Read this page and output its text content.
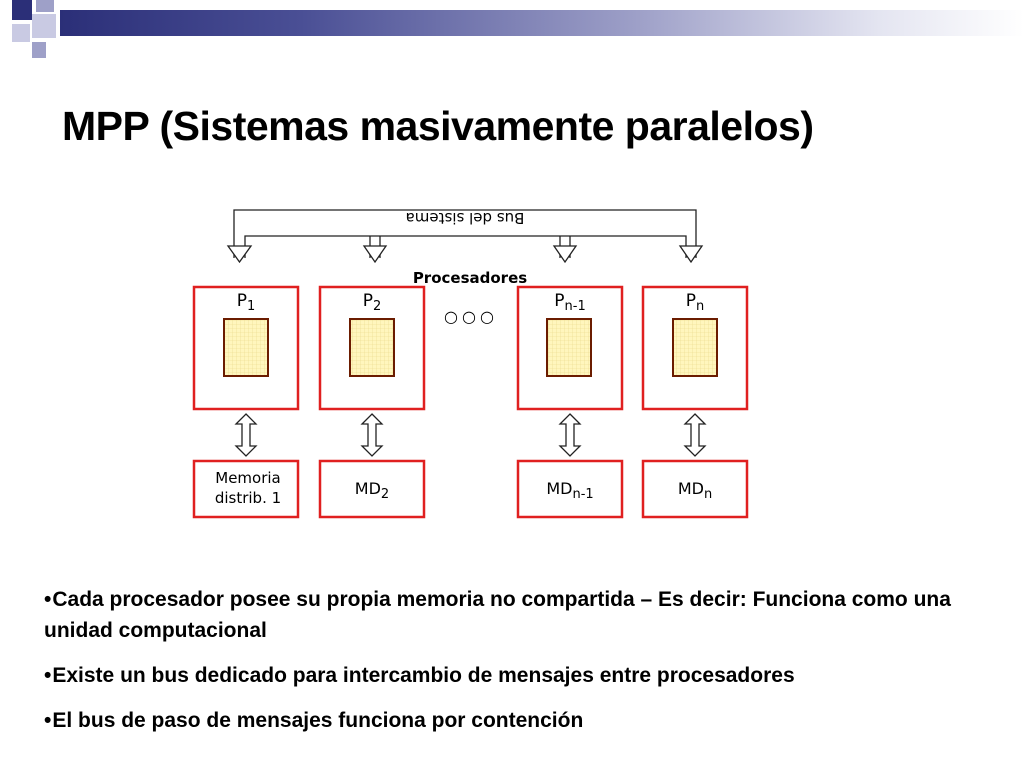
MPP (Sistemas masivamente paralelos)
Bus del sistema
Procesadores
○○○
$P_1$
Memoria
distrib. 1
$P_2$
$MD_2$
$P_{n-1}$
$MD_{n-1}$
$P_n$
$MD_n$
•Cada procesador posee su propia memoria no compartida – Es decir: Funciona como una unidad computacional
•Existe un bus dedicado para intercambio de mensajes entre procesadores
•El bus de paso de mensajes funciona por contención
